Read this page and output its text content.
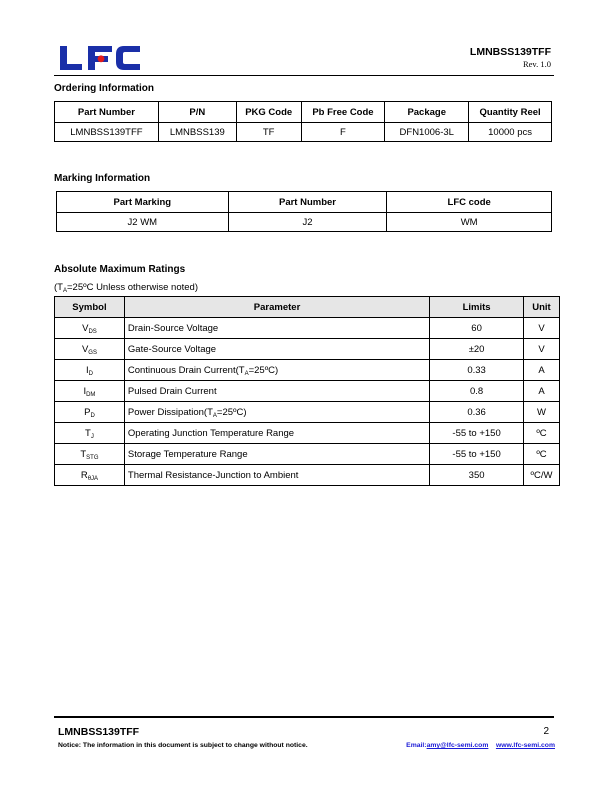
LMNBSS139TFF
Rev. 1.0
Ordering Information
Part Number	P/N	PKG Code	Pb Free Code	Package	Quantity Reel
LMNBSS139TFF	LMNBSS139	TF	F	DFN1006-3L	10000 pcs
Marking Information
Part Marking	Part Number	LFC code
J2 WM	J2	WM
Absolute Maximum Ratings
($T_A=25ºC$ Unless otherwise noted)
Symbol	Parameter	Limits	Unit
$V_{DS}$	Drain-Source Voltage	60	V
$V_{GS}$	Gate-Source Voltage	±20	V
$I_D$	Continuous Drain $Current(T_A=25ºC)$	0.33	A
$I_{DM}$	Pulsed Drain Current	0.8	A
$P_D$	Power $Dissipation(T_A=25ºC)$	0.36	W
$T_J$	Operating Junction Temperature Range	-55 to +150	ºC
$T_{STG}$	Storage Temperature Range	-55 to +150	ºC
$R_{\theta JA}$	Thermal Resistance-Junction to Ambient	350	ºC/W
LMNBSS139TFF	2
Notice: The information in this document is subject to change without notice.	Email:amy@lfc-semi.com www.lfc-semi.com
